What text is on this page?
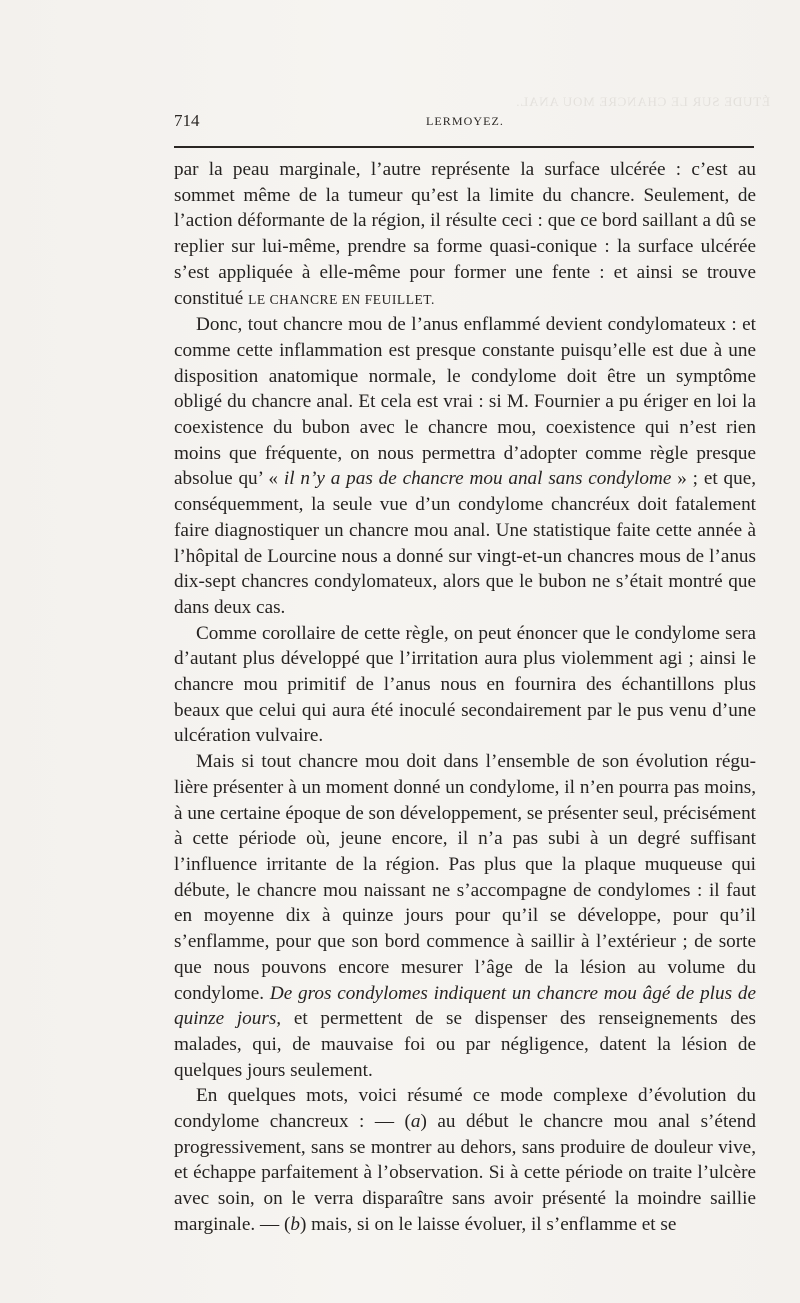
ÉTUDE SUR LE CHANCRE MOU ANAL.
714	LERMOYEZ.

par la peau marginale, l’autre représente la surface ulcérée : c’est au sommet même de la tumeur qu’est la limite du chancre. Seulement, de l’action déformante de la région, il résulte ceci : que ce bord saillant a dû se replier sur lui-même, prendre sa forme quasi-conique : la surface ulcérée s’est appliquée à elle-même pour former une fente : et ainsi se trouve constitué LE CHANCRE EN FEUILLET.

Donc, tout chancre mou de l’anus enflammé devient condylomateux : et comme cette inflammation est presque constante puisqu’elle est due à une disposition anatomique normale, le condylome doit être un symptôme obligé du chancre anal. Et cela est vrai : si M. Fournier a pu ériger en loi la coexistence du bubon avec le chancre mou, coexistence qui n’est rien moins que fréquente, on nous permettra d’adopter comme règle presque absolue qu’ « il n’y a pas de chancre mou anal sans condylome » ; et que, conséquemment, la seule vue d’un condylome chancréux doit fatalement faire diagnostiquer un chancre mou anal. Une statistique faite cette année à l’hôpital de Lourcine nous a donné sur vingt-et-un chancres mous de l’anus dix-sept chancres condylomateux, alors que le bubon ne s’était montré que dans deux cas.

Comme corollaire de cette règle, on peut énoncer que le condylome sera d’autant plus développé que l’irritation aura plus violemment agi ; ainsi le chancre mou primitif de l’anus nous en fournira des échantillons plus beaux que celui qui aura été inoculé secondairement par le pus venu d’une ulcération vulvaire.

Mais si tout chancre mou doit dans l’ensemble de son évolution régulière présenter à un moment donné un condylome, il n’en pourra pas moins, à une certaine époque de son développement, se présenter seul, précisément à cette période où, jeune encore, il n’a pas subi à un degré suffisant l’influence irritante de la région. Pas plus que la plaque muqueuse qui débute, le chancre mou naissant ne s’accompagne de condylomes : il faut en moyenne dix à quinze jours pour qu’il se développe, pour qu’il s’enflamme, pour que son bord commence à saillir à l’extérieur ; de sorte que nous pouvons encore mesurer l’âge de la lésion au volume du condylome. De gros condylomes indiquent un chancre mou âgé de plus de quinze jours, et permettent de se dispenser des renseignements des malades, qui, de mauvaise foi ou par négligence, datent la lésion de quelques jours seulement.

En quelques mots, voici résumé ce mode complexe d’évolution du condylome chancreux : — (a) au début le chancre mou anal s’étend progressivement, sans se montrer au dehors, sans produire de douleur vive, et échappe parfaitement à l’observation. Si à cette période on traite l’ulcère avec soin, on le verra disparaître sans avoir présenté la moindre saillie marginale. — (b) mais, si on le laisse évoluer, il s’enflamme et se
